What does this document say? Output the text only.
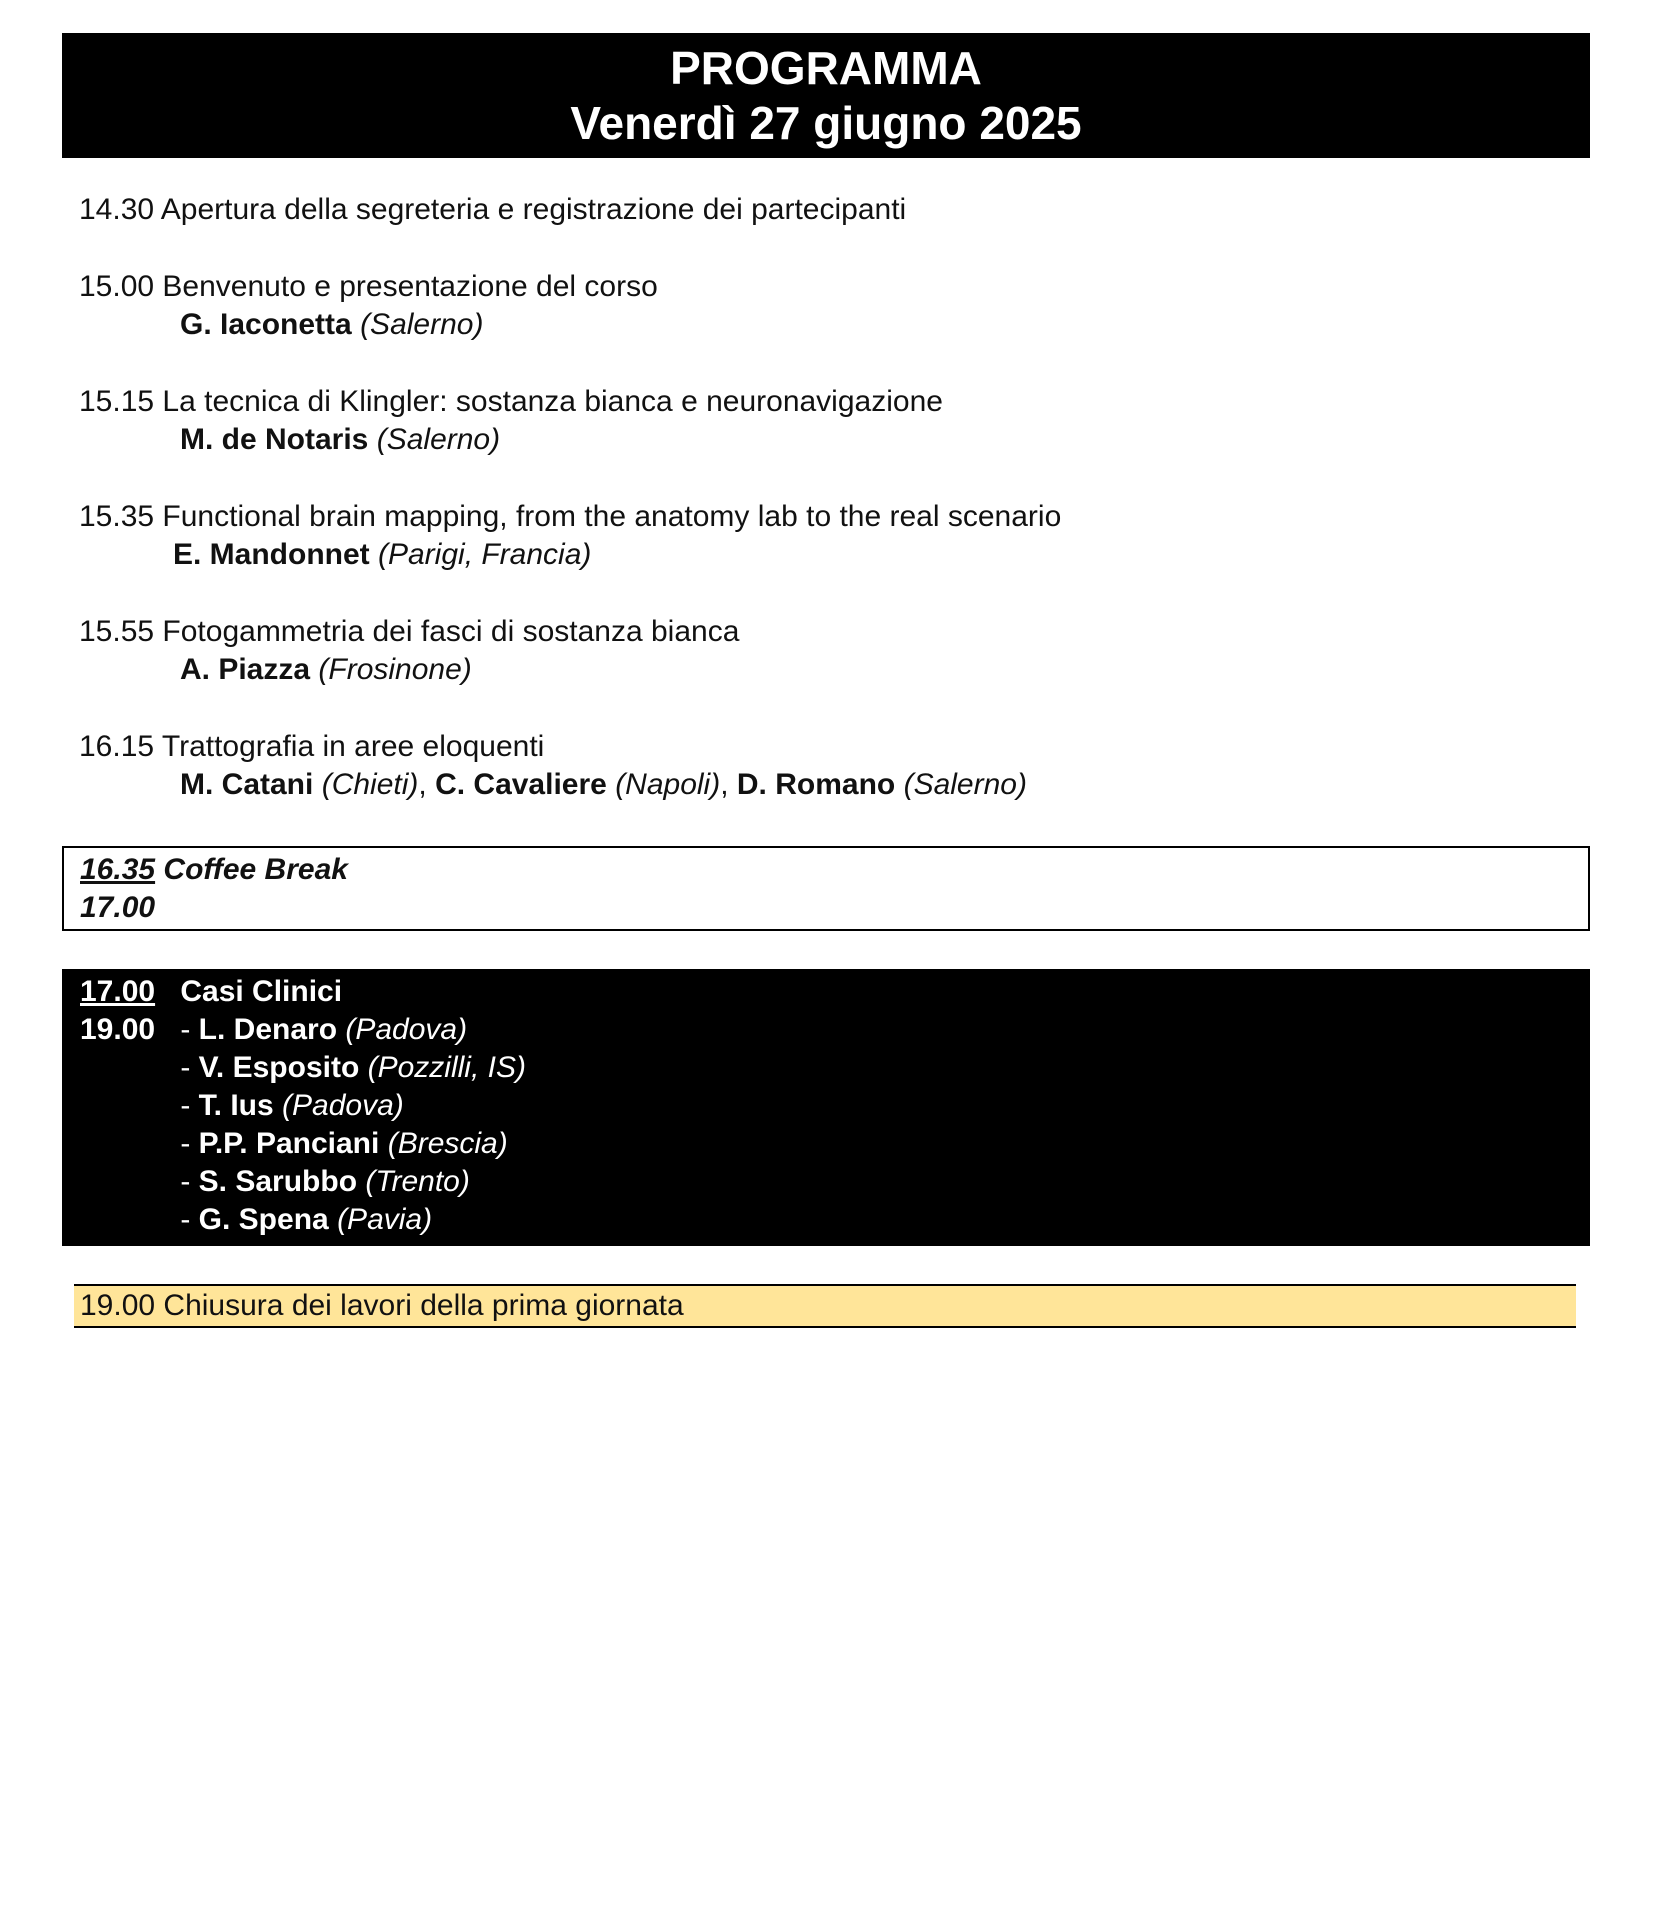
PROGRAMMA
Venerdì 27 giugno 2025
14.30 Apertura della segreteria e registrazione dei partecipanti
15.00 Benvenuto e presentazione del corso
G. Iaconetta (Salerno)
15.15 La tecnica di Klingler: sostanza bianca e neuronavigazione
M. de Notaris (Salerno)
15.35 Functional brain mapping, from the anatomy lab to the real scenario
E. Mandonnet (Parigi, Francia)
15.55 Fotogammetria dei fasci di sostanza bianca
A. Piazza (Frosinone)
16.15 Trattografia in aree eloquenti
M. Catani (Chieti), C. Cavaliere (Napoli), D. Romano (Salerno)
16.35 Coffee Break
17.00
17.00 Casi Clinici
19.00 - L. Denaro (Padova)
- V. Esposito (Pozzilli, IS)
- T. Ius (Padova)
- P.P. Panciani (Brescia)
- S. Sarubbo (Trento)
- G. Spena (Pavia)
19.00 Chiusura dei lavori della prima giornata
